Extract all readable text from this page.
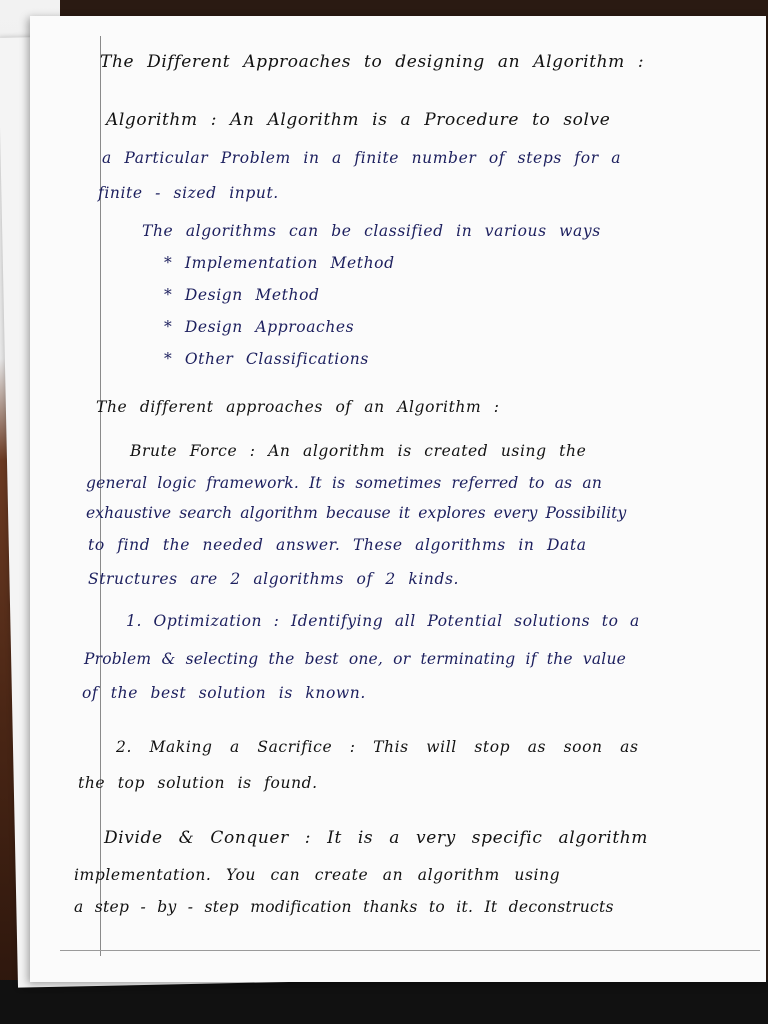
The Different Approaches to designing an Algorithm :
Algorithm : An Algorithm is a Procedure to solve
a Particular Problem in a finite number of steps for a
finite - sized input.
The algorithms can be classified in various ways
* Implementation Method
* Design Method
* Design Approaches
* Other Classifications
The different approaches of an Algorithm :
Brute Force : An algorithm is created using the
general logic framework. It is sometimes referred to as an
exhaustive search algorithm because it explores every Possibility
to find the needed answer. These algorithms in Data
Structures are 2 algorithms of 2 kinds.
1. Optimization : Identifying all Potential solutions to a
Problem & selecting the best one, or terminating if the value
of the best solution is known.
2. Making a Sacrifice : This will stop as soon as
the top solution is found.
Divide & Conquer : It is a very specific algorithm
implementation. You can create an algorithm using
a step - by - step modification thanks to it. It deconstructs
